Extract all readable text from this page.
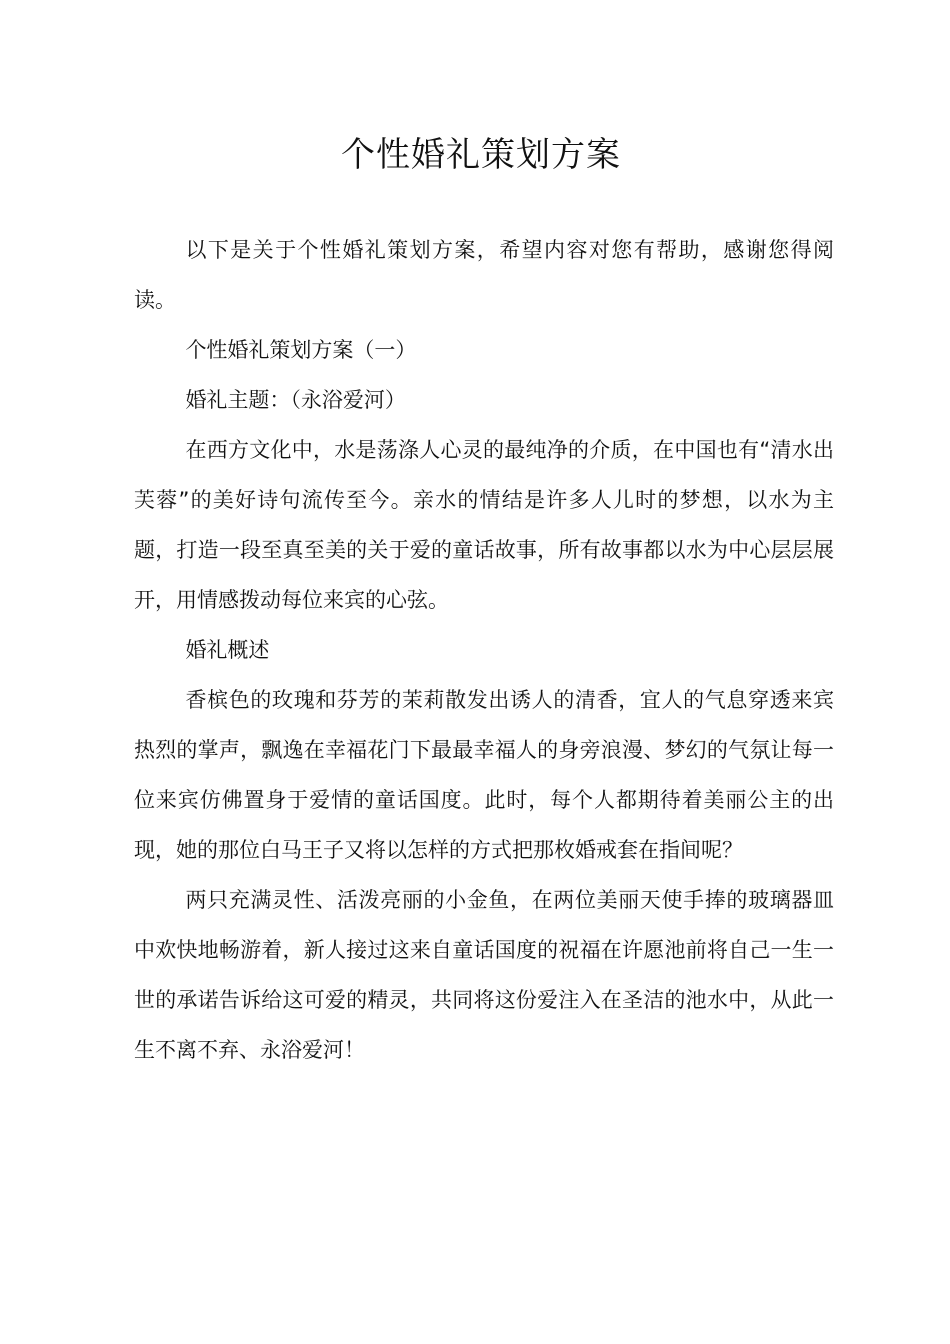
个性婚礼策划方案

以下是关于个性婚礼策划方案，希望内容对您有帮助，感谢您得阅读。

个性婚礼策划方案（一）

婚礼主题：（永浴爱河）

在西方文化中，水是荡涤人心灵的最纯净的介质，在中国也有“清水出芙蓉”的美好诗句流传至今。亲水的情结是许多人儿时的梦想，以水为主题，打造一段至真至美的关于爱的童话故事，所有故事都以水为中心层层展开，用情感拨动每位来宾的心弦。

婚礼概述

香槟色的玫瑰和芬芳的茉莉散发出诱人的清香，宜人的气息穿透来宾热烈的掌声，飘逸在幸福花门下最最幸福人的身旁浪漫、梦幻的气氛让每一位来宾仿佛置身于爱情的童话国度。此时，每个人都期待着美丽公主的出现，她的那位白马王子又将以怎样的方式把那枚婚戒套在指间呢？

两只充满灵性、活泼亮丽的小金鱼，在两位美丽天使手捧的玻璃器皿中欢快地畅游着，新人接过这来自童话国度的祝福在许愿池前将自己一生一世的承诺告诉给这可爱的精灵，共同将这份爱注入在圣洁的池水中，从此一生不离不弃、永浴爱河！
